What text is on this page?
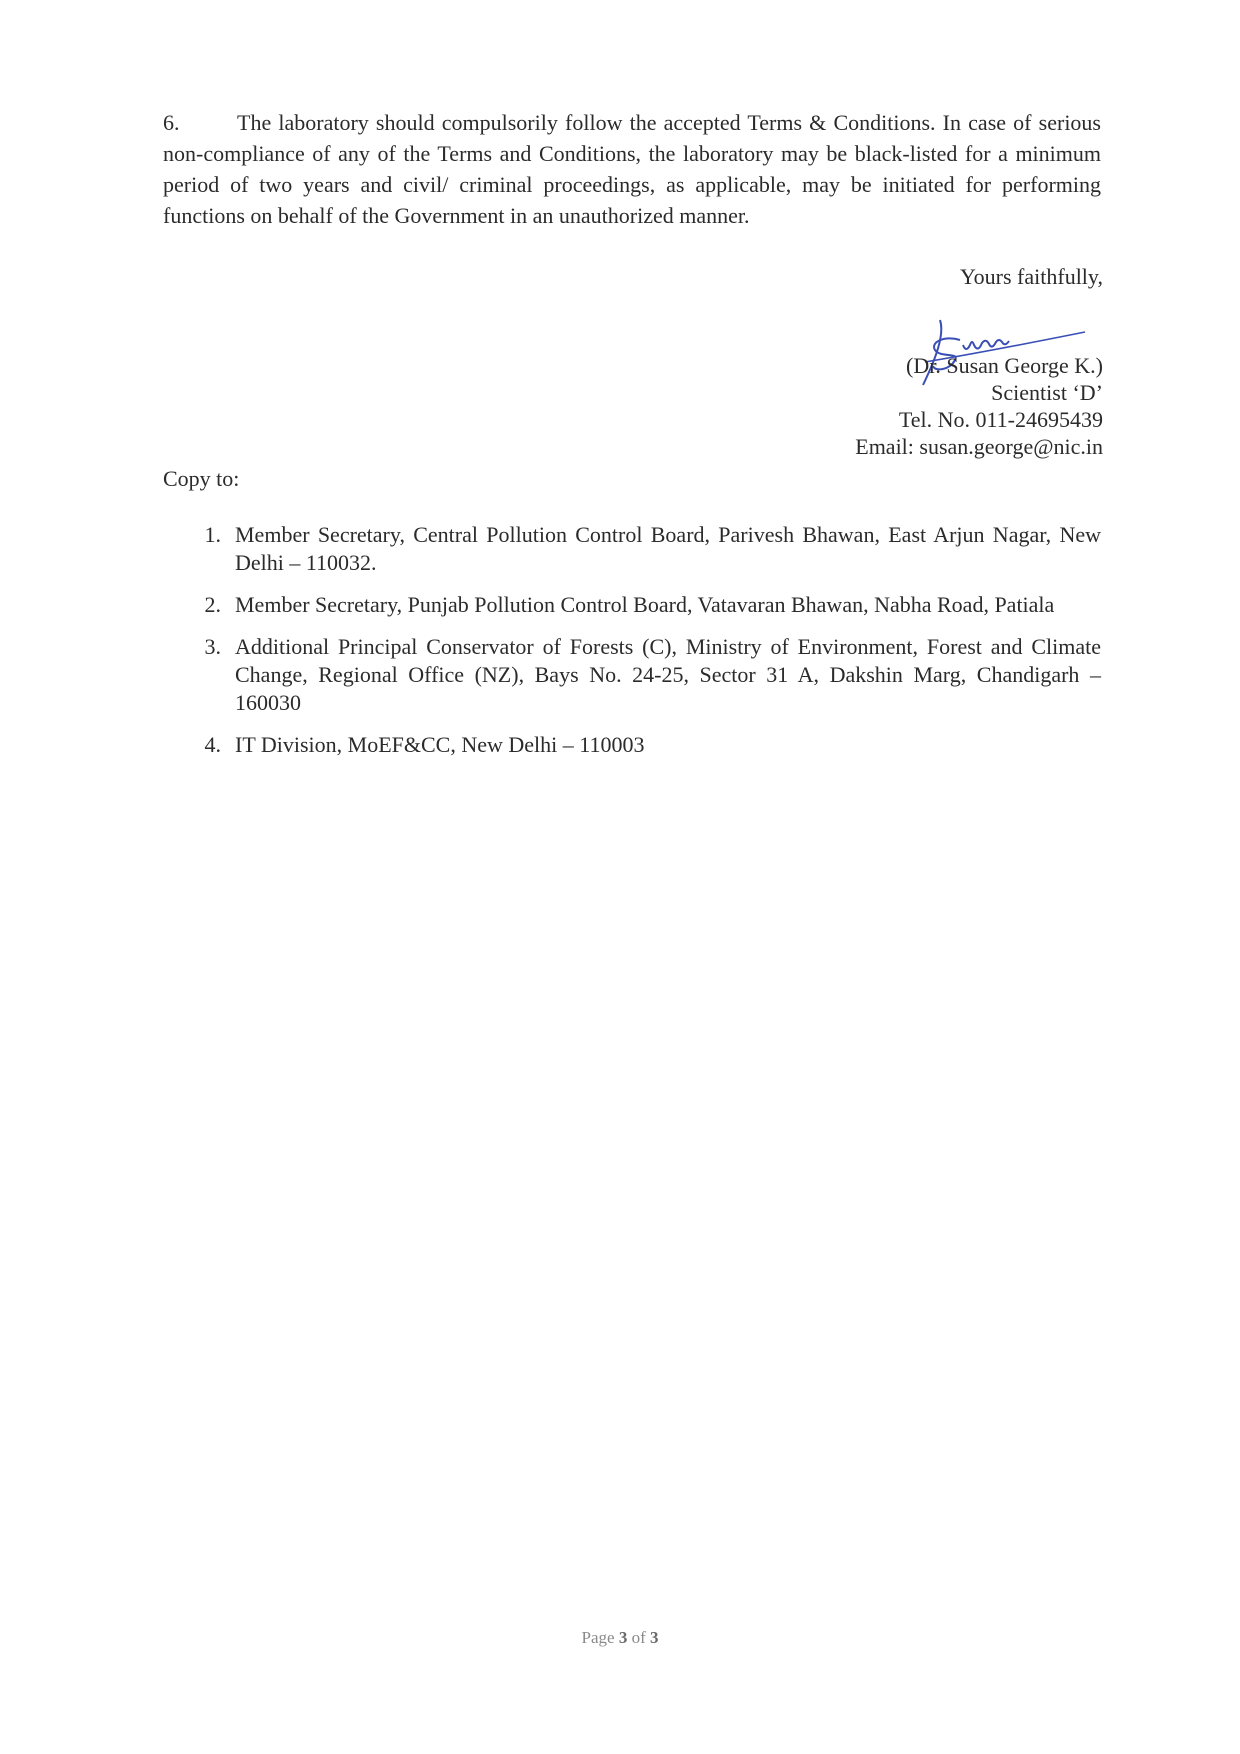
6.	The laboratory should compulsorily follow the accepted Terms & Conditions. In case of serious non-compliance of any of the Terms and Conditions, the laboratory may be black-listed for a minimum period of two years and civil/ criminal proceedings, as applicable, may be initiated for performing functions on behalf of the Government in an unauthorized manner.
Yours faithfully,
(Dr. Susan George K.)
Scientist ‘D’
Tel. No. 011-24695439
Email: susan.george@nic.in
Copy to:
1. Member Secretary, Central Pollution Control Board, Parivesh Bhawan, East Arjun Nagar, New Delhi – 110032.
2. Member Secretary, Punjab Pollution Control Board, Vatavaran Bhawan, Nabha Road, Patiala
3. Additional Principal Conservator of Forests (C), Ministry of Environment, Forest and Climate Change, Regional Office (NZ), Bays No. 24-25, Sector 31 A, Dakshin Marg, Chandigarh – 160030
4. IT Division, MoEF&CC, New Delhi – 110003
Page 3 of 3
